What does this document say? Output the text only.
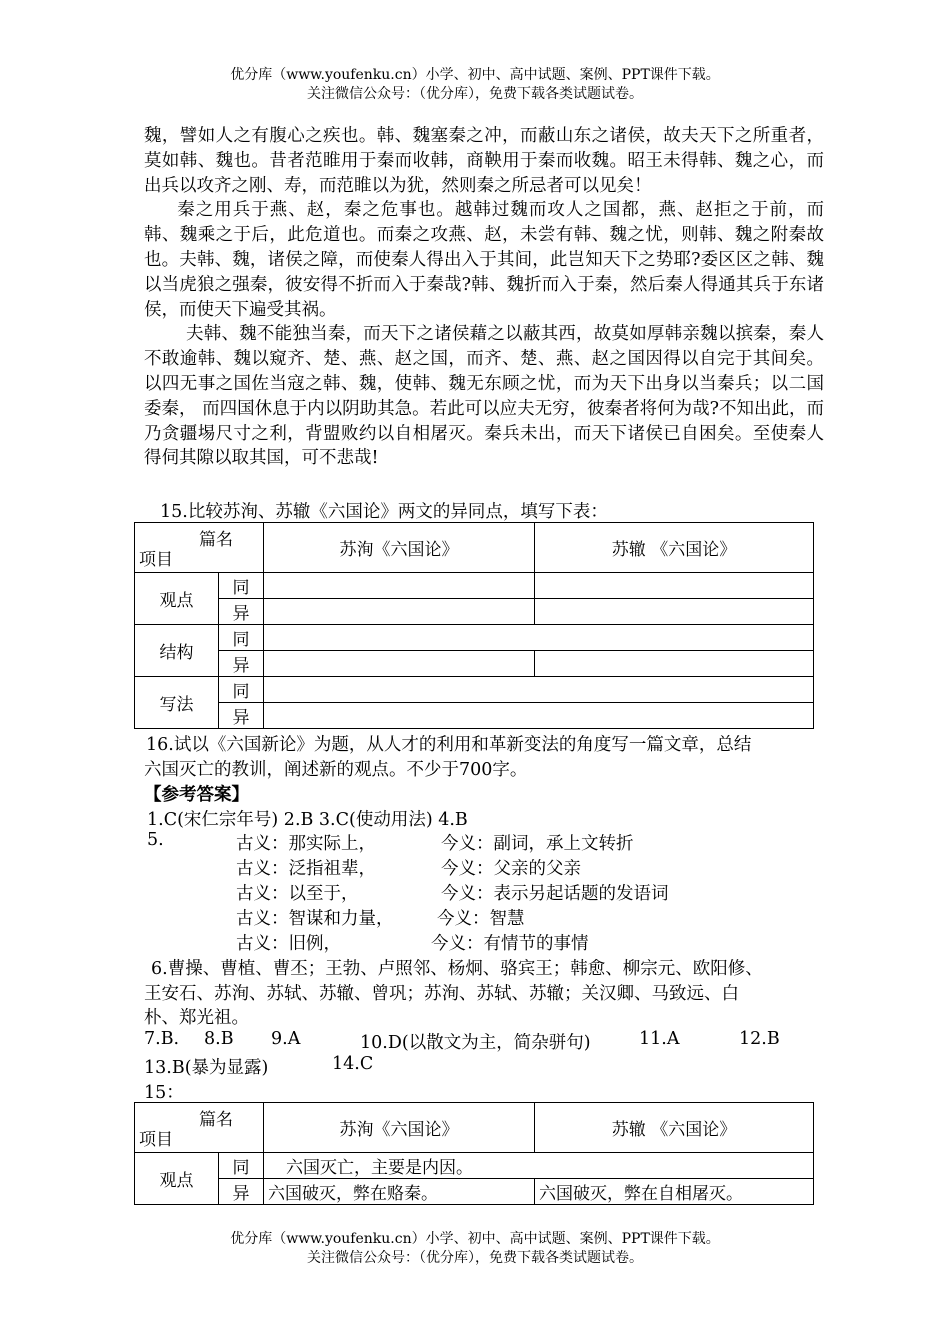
优分库（www.youfenku.cn）小学、初中、高中试题、案例、PPT课件下载。
关注微信公众号：（优分库），免费下载各类试题试卷。

魏，譬如人之有腹心之疾也。韩、魏塞秦之冲，而蔽山东之诸侯，故夫天下之所重者，莫如韩、魏也。昔者范睢用于秦而收韩，商鞅用于秦而收魏。昭王未得韩、魏之心，而出兵以攻齐之刚、寿，而范睢以为犹，然则秦之所忌者可以见矣！

秦之用兵于燕、赵，秦之危事也。越韩过魏而攻人之国都，燕、赵拒之于前，而韩、魏乘之于后，此危道也。而秦之攻燕、赵，未尝有韩、魏之忧，则韩、魏之附秦故也。夫韩、魏，诸侯之障，而使秦人得出入于其间，此岂知天下之势耶?委区区之韩、魏以当虎狼之强秦，彼安得不折而入于秦哉?韩、魏折而入于秦，然后秦人得通其兵于东诸侯，而使天下遍受其祸。

夫韩、魏不能独当秦，而天下之诸侯藉之以蔽其西，故莫如厚韩亲魏以摈秦，秦人不敢逾韩、魏以窥齐、楚、燕、赵之国，而齐、楚、燕、赵之国因得以自完于其间矣。以四无事之国佐当寇之韩、魏，使韩、魏无东顾之忧，而为天下出身以当秦兵；以二国委秦， 而四国休息于内以阴助其急。若此可以应夫无穷，彼秦者将何为哉?不知出此，而乃贪疆埸尺寸之利，背盟败约以自相屠灭。秦兵未出，而天下诸侯已自困矣。至使秦人得伺其隙以取其国，可不悲哉!

15.比较苏洵、苏辙《六国论》两文的异同点，填写下表：
篇名
项目		苏洵《六国论》	苏辙 《六国论》
观点	同		
	异		
结构	同		
	异		
写法	同		
	异		
16.试以《六国新论》为题，从人才的利用和革新变法的角度写一篇文章，总结
六国灭亡的教训，阐述新的观点。不少于700字。
【参考答案】
1.C(宋仁宗年号) 2.B 3.C(使动用法) 4.B
5.	古义：那实际上，	今义：副词，承上文转折
古义：泛指祖辈，	今义：父亲的父亲
古义：以至于，	今义：表示另起话题的发语词
古义：智谋和力量， 今义：智慧
古义：旧例，	今义：有情节的事情
6.曹操、曹植、曹丕；王勃、卢照邻、杨炯、骆宾王；韩愈、柳宗元、欧阳修、
王安石、苏洵、苏轼、苏辙、曾巩；苏洵、苏轼、苏辙；关汉卿、马致远、白
朴、郑光祖。
7.B. 8.B 9.A	10.D(以散文为主，简杂骈句)	11.A	12.B
13.B(暴为显露)	14.C
15：
篇名
项目		苏洵《六国论》	苏辙 《六国论》
观点	同	六国灭亡，主要是内因。	
	异	六国破灭，弊在赂秦。	六国破灭，弊在自相屠灭。
优分库（www.youfenku.cn）小学、初中、高中试题、案例、PPT课件下载。
关注微信公众号：（优分库），免费下载各类试题试卷。
